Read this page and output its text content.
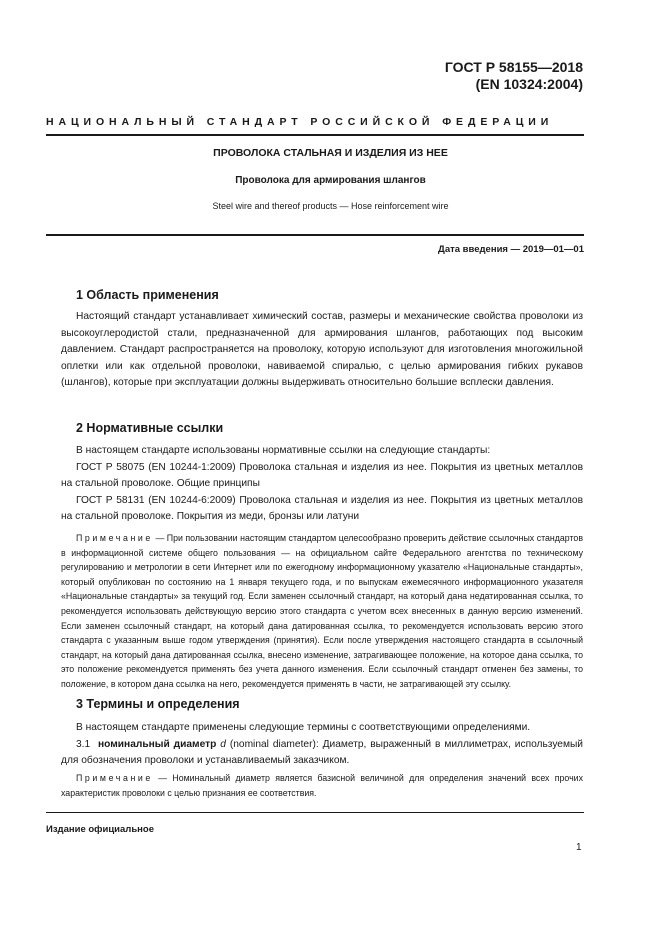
ГОСТ Р 58155—2018
(EN 10324:2004)
НАЦИОНАЛЬНЫЙ СТАНДАРТ РОССИЙСКОЙ ФЕДЕРАЦИИ
ПРОВОЛОКА СТАЛЬНАЯ И ИЗДЕЛИЯ ИЗ НЕЕ
Проволока для армирования шлангов
Steel wire and thereof products — Hose reinforcement wire
Дата введения — 2019—01—01
1 Область применения

Настоящий стандарт устанавливает химический состав, размеры и механические свойства проволоки из высокоуглеродистой стали, предназначенной для армирования шлангов, работающих под высоким давлением. Стандарт распространяется на проволоку, которую используют для изготовления многожильной оплетки или как отдельной проволоки, навиваемой спиралью, с целью армирования гибких рукавов (шлангов), которые при эксплуатации должны выдерживать относительно большие всплески давления.

2 Нормативные ссылки

В настоящем стандарте использованы нормативные ссылки на следующие стандарты:

ГОСТ Р 58075 (EN 10244-1:2009) Проволока стальная и изделия из нее. Покрытия из цветных металлов на стальной проволоке. Общие принципы

ГОСТ Р 58131 (EN 10244-6:2009) Проволока стальная и изделия из нее. Покрытия из цветных металлов на стальной проволоке. Покрытия из меди, бронзы или латуни

Примечание — При пользовании настоящим стандартом целесообразно проверить действие ссылочных стандартов в информационной системе общего пользования — на официальном сайте Федерального агентства по техническому регулированию и метрологии в сети Интернет или по ежегодному информационному указателю «Национальные стандарты», который опубликован по состоянию на 1 января текущего года, и по выпускам ежемесячного информационного указателя «Национальные стандарты» за текущий год. Если заменен ссылочный стандарт, на который дана недатированная ссылка, то рекомендуется использовать действующую версию этого стандарта с учетом всех внесенных в данную версию изменений. Если заменен ссылочный стандарт, на который дана датированная ссылка, то рекомендуется использовать версию этого стандарта с указанным выше годом утверждения (принятия). Если после утверждения настоящего стандарта в ссылочный стандарт, на который дана датированная ссылка, внесено изменение, затрагивающее положение, на которое дана ссылка, то это положение рекомендуется применять без учета данного изменения. Если ссылочный стандарт отменен без замены, то положение, в котором дана ссылка на него, рекомендуется применять в части, не затрагивающей эту ссылку.

3 Термины и определения

В настоящем стандарте применены следующие термины с соответствующими определениями.

3.1 номинальный диаметр d (nominal diameter): Диаметр, выраженный в миллиметрах, используемый для обозначения проволоки и устанавливаемый заказчиком.

Примечание — Номинальный диаметр является базисной величиной для определения значений всех прочих характеристик проволоки с целью признания ее соответствия.

Издание официальное
1
